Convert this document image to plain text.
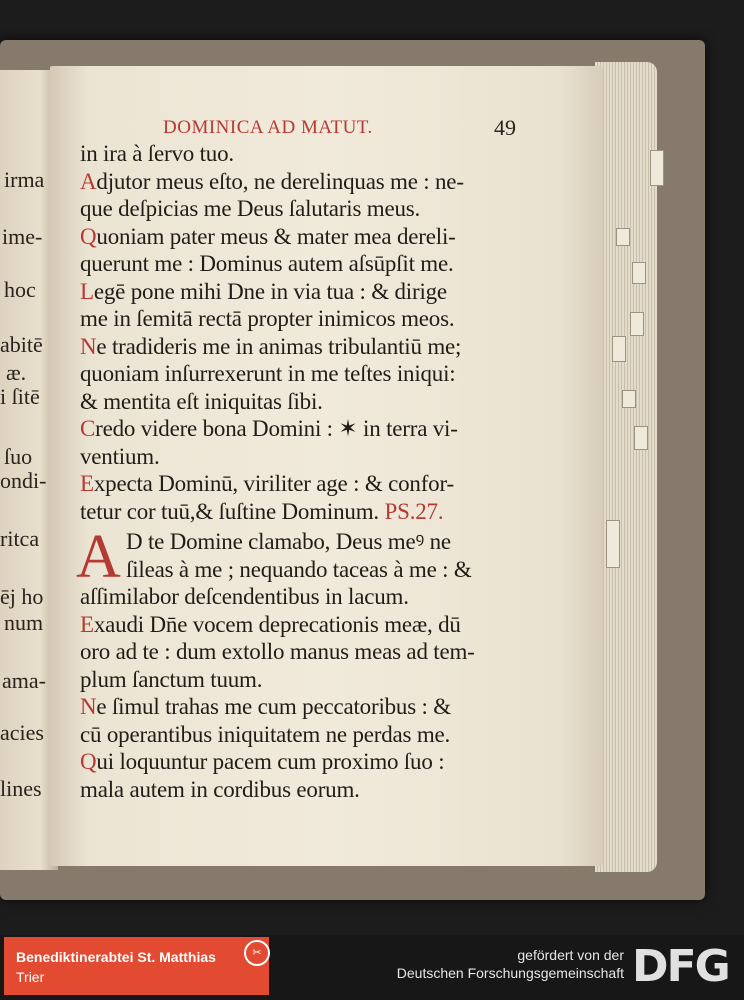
irma
ime-
hoc
abitē
æ.
i ſitē
ſuo
ondi-
ritca
ēj ho
num
ama-
acies
lines
DOMINICA AD MATUT.	49
in ira à ſervo tuo.
Adjutor meus eſto, ne derelinquas me : ne-
que deſpicias me Deus ſalutaris meus.
Quoniam pater meus & mater mea dereli-
querunt me : Dominus autem aſsūpſit me.
Legē pone mihi Dne in via tua : & dirige
me in ſemitā rectā propter inimicos meos.
Ne tradideris me in animas tribulantiū me;
quoniam inſurrexerunt in me teſtes iniqui:
& mentita eſt iniquitas ſibi.
Credo videre bona Domini : ✶ in terra vi-
ventium.
Expecta Dominū, viriliter age : & confor-
tetur cor tuū,& ſuſtine Dominum. PS.27.
A D te Domine clamabo, Deus meꝰ ne
ſileas à me ; nequando taceas à me : &
aſſimilabor deſcendentibus in lacum.
Exaudi Dn̄e vocem deprecationis meæ, dū
oro ad te : dum extollo manus meas ad tem-
plum ſanctum tuum.
Ne ſimul trahas me cum peccatoribus : &
cū operantibus iniquitatem ne perdas me.
Qui loquuntur pacem cum proximo ſuo :
mala autem in cordibus eorum.
Benediktinerabtei St. Matthias
Trier
✂	gefördert von der
Deutschen Forschungsgemeinschaft DFG
